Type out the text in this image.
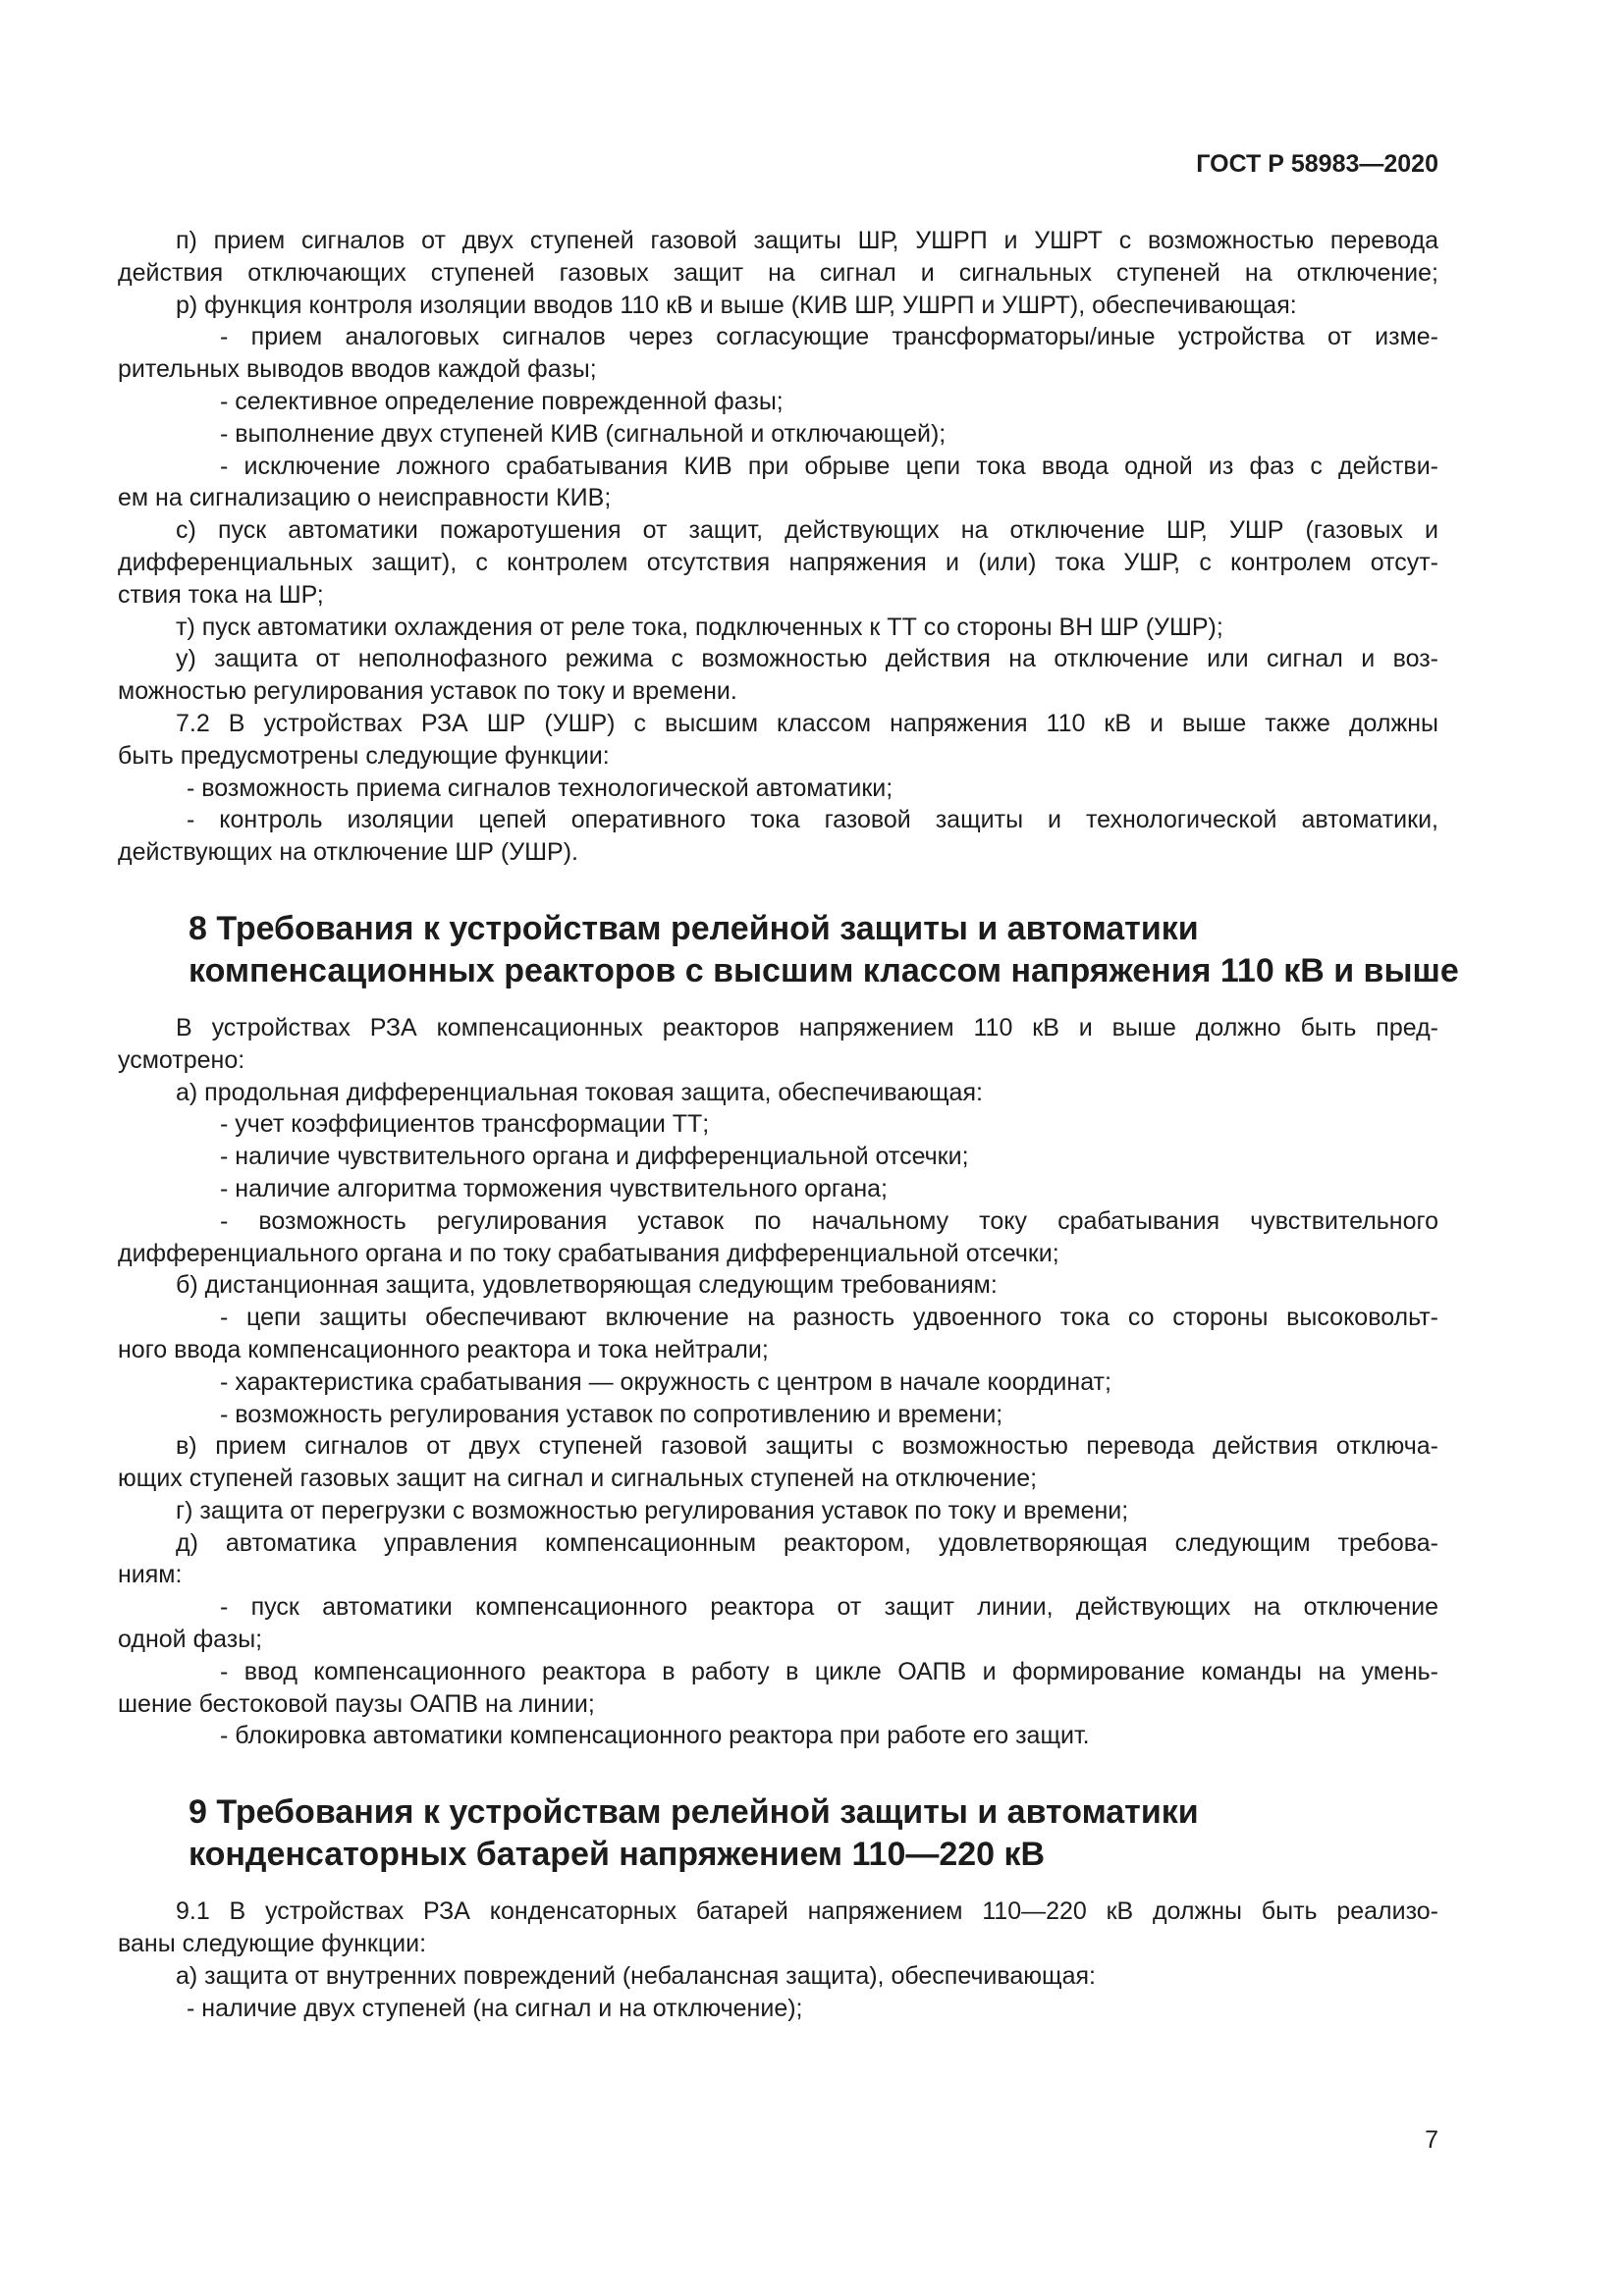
ГОСТ Р 58983—2020
п) прием сигналов от двух ступеней газовой защиты ШР, УШРП и УШРТ с возможностью перевода
действия отключающих ступеней газовых защит на сигнал и сигнальных ступеней на отключение;
р) функция контроля изоляции вводов 110 кВ и выше (КИВ ШР, УШРП и УШРТ), обеспечивающая:
- прием аналоговых сигналов через согласующие трансформаторы/иные устройства от изме-
рительных выводов вводов каждой фазы;
- селективное определение поврежденной фазы;
- выполнение двух ступеней КИВ (сигнальной и отключающей);
- исключение ложного срабатывания КИВ при обрыве цепи тока ввода одной из фаз с действи-
ем на сигнализацию о неисправности КИВ;
с) пуск автоматики пожаротушения от защит, действующих на отключение ШР, УШР (газовых и
дифференциальных защит), с контролем отсутствия напряжения и (или) тока УШР, с контролем отсут-
ствия тока на ШР;
т) пуск автоматики охлаждения от реле тока, подключенных к ТТ со стороны ВН ШР (УШР);
у) защита от неполнофазного режима с возможностью действия на отключение или сигнал и воз-
можностью регулирования уставок по току и времени.
7.2 В устройствах РЗА ШР (УШР) с высшим классом напряжения 110 кВ и выше также должны
быть предусмотрены следующие функции:
- возможность приема сигналов технологической автоматики;
- контроль изоляции цепей оперативного тока газовой защиты и технологической автоматики,
действующих на отключение ШР (УШР).
8 Требования к устройствам релейной защиты и автоматики
компенсационных реакторов с высшим классом напряжения 110 кВ и выше
В устройствах РЗА компенсационных реакторов напряжением 110 кВ и выше должно быть пред-
усмотрено:
а) продольная дифференциальная токовая защита, обеспечивающая:
- учет коэффициентов трансформации ТТ;
- наличие чувствительного органа и дифференциальной отсечки;
- наличие алгоритма торможения чувствительного органа;
- возможность регулирования уставок по начальному току срабатывания чувствительного
дифференциального органа и по току срабатывания дифференциальной отсечки;
б) дистанционная защита, удовлетворяющая следующим требованиям:
- цепи защиты обеспечивают включение на разность удвоенного тока со стороны высоковольт-
ного ввода компенсационного реактора и тока нейтрали;
- характеристика срабатывания — окружность с центром в начале координат;
- возможность регулирования уставок по сопротивлению и времени;
в) прием сигналов от двух ступеней газовой защиты с возможностью перевода действия отключа-
ющих ступеней газовых защит на сигнал и сигнальных ступеней на отключение;
г) защита от перегрузки с возможностью регулирования уставок по току и времени;
д) автоматика управления компенсационным реактором, удовлетворяющая следующим требова-
ниям:
- пуск автоматики компенсационного реактора от защит линии, действующих на отключение
одной фазы;
- ввод компенсационного реактора в работу в цикле ОАПВ и формирование команды на умень-
шение бестоковой паузы ОАПВ на линии;
- блокировка автоматики компенсационного реактора при работе его защит.
9 Требования к устройствам релейной защиты и автоматики
конденсаторных батарей напряжением 110—220 кВ
9.1 В устройствах РЗА конденсаторных батарей напряжением 110—220 кВ должны быть реализо-
ваны следующие функции:
а) защита от внутренних повреждений (небалансная защита), обеспечивающая:
- наличие двух ступеней (на сигнал и на отключение);
7
